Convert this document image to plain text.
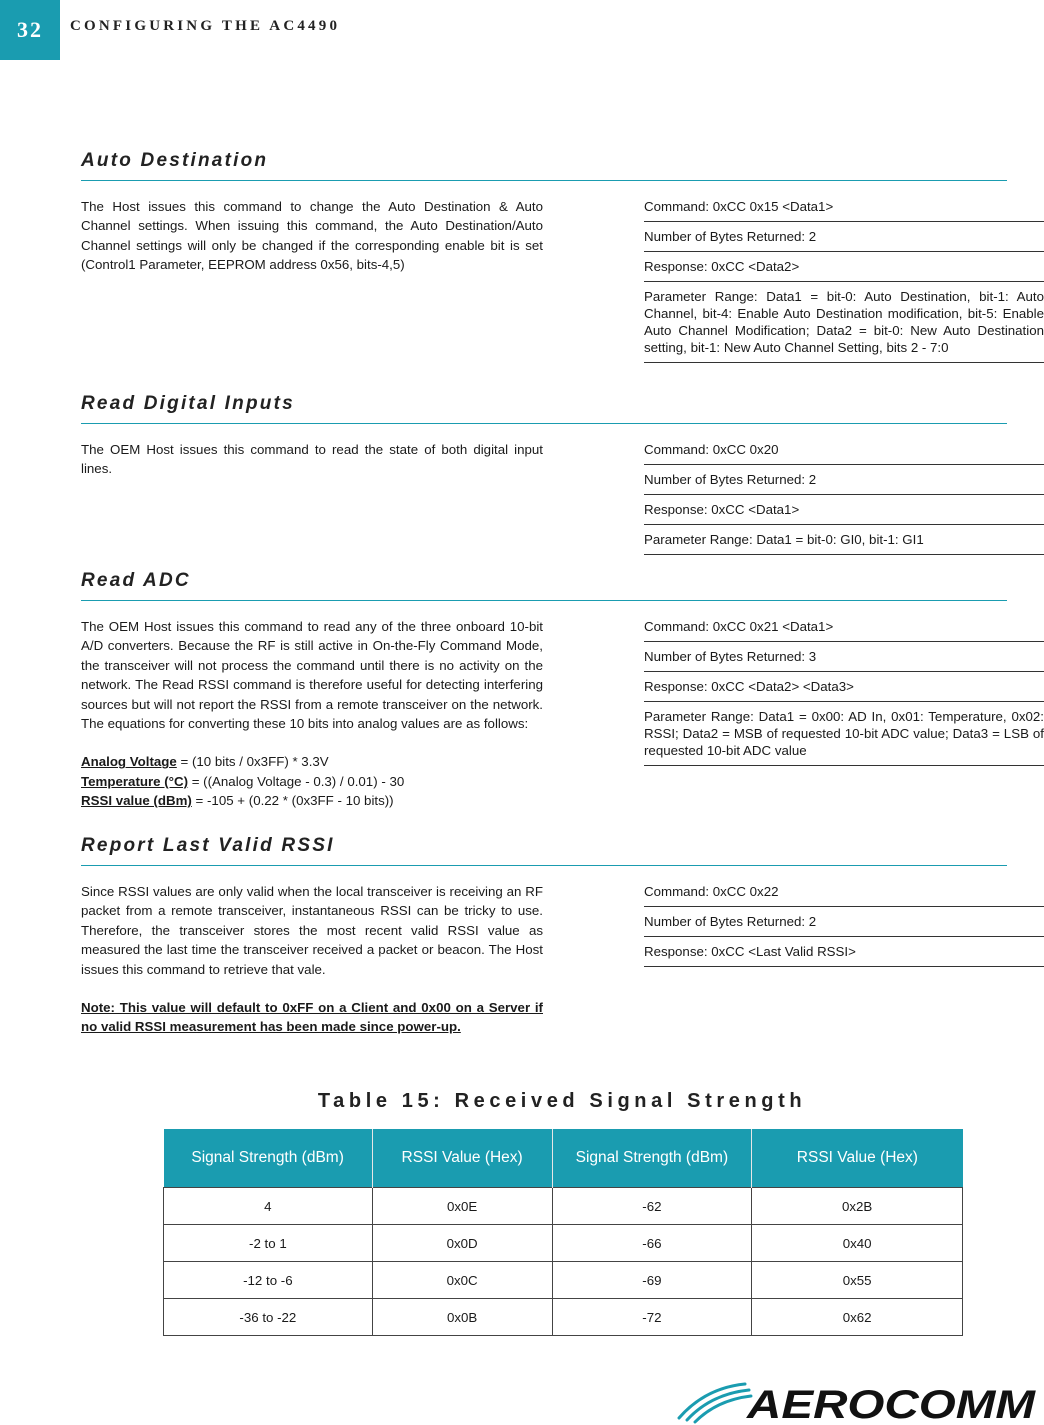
32	CONFIGURING THE AC4490
Auto Destination

The Host issues this command to change the Auto Destination & Auto Channel settings. When issuing this command, the Auto Destination/Auto Channel settings will only be changed if the corresponding enable bit is set (Control1 Parameter, EEPROM address 0x56, bits-4,5)

Command: 0xCC 0x15 <Data1>
Number of Bytes Returned: 2
Response: 0xCC <Data2>
Parameter Range: Data1 = bit-0: Auto Destination, bit-1: Auto Channel, bit-4: Enable Auto Destination modification, bit-5: Enable Auto Channel Modification; Data2 = bit-0: New Auto Destination setting, bit-1: New Auto Channel Setting, bits 2 - 7:0
Read Digital Inputs

The OEM Host issues this command to read the state of both digital input lines.

Command: 0xCC 0x20
Number of Bytes Returned: 2
Response: 0xCC <Data1>
Parameter Range: Data1 = bit-0: GI0, bit-1: GI1
Read ADC

The OEM Host issues this command to read any of the three onboard 10-bit A/D converters. Because the RF is still active in On-the-Fly Command Mode, the transceiver will not process the command until there is no activity on the network. The Read RSSI command is therefore useful for detecting interfering sources but will not report the RSSI from a remote transceiver on the network. The equations for converting these 10 bits into analog values are as follows:

Analog Voltage = (10 bits / 0x3FF) * 3.3V

Temperature (°C) = ((Analog Voltage - 0.3) / 0.01) - 30

RSSI value (dBm) = -105 + (0.22 * (0x3FF - 10 bits))

Command: 0xCC 0x21 <Data1>
Number of Bytes Returned: 3
Response: 0xCC <Data2> <Data3>
Parameter Range: Data1 = 0x00: AD In, 0x01: Temperature, 0x02: RSSI; Data2 = MSB of requested 10-bit ADC value; Data3 = LSB of requested 10-bit ADC value
Report Last Valid RSSI

Since RSSI values are only valid when the local transceiver is receiving an RF packet from a remote transceiver, instantaneous RSSI can be tricky to use. Therefore, the transceiver stores the most recent valid RSSI value as measured the last time the transceiver received a packet or beacon. The Host issues this command to retrieve that vale.

Note: This value will default to 0xFF on a Client and 0x00 on a Server if no valid RSSI measurement has been made since power-up.

Command: 0xCC 0x22
Number of Bytes Returned: 2
Response: 0xCC <Last Valid RSSI>
Table 15: Received Signal Strength
Signal Strength (dBm)	RSSI Value (Hex)	Signal Strength (dBm)	RSSI Value (Hex)
4	0x0E	-62	0x2B
-2 to 1	0x0D	-66	0x40
-12 to -6	0x0C	-69	0x55
-36 to -22	0x0B	-72	0x62
AEROCOMM
